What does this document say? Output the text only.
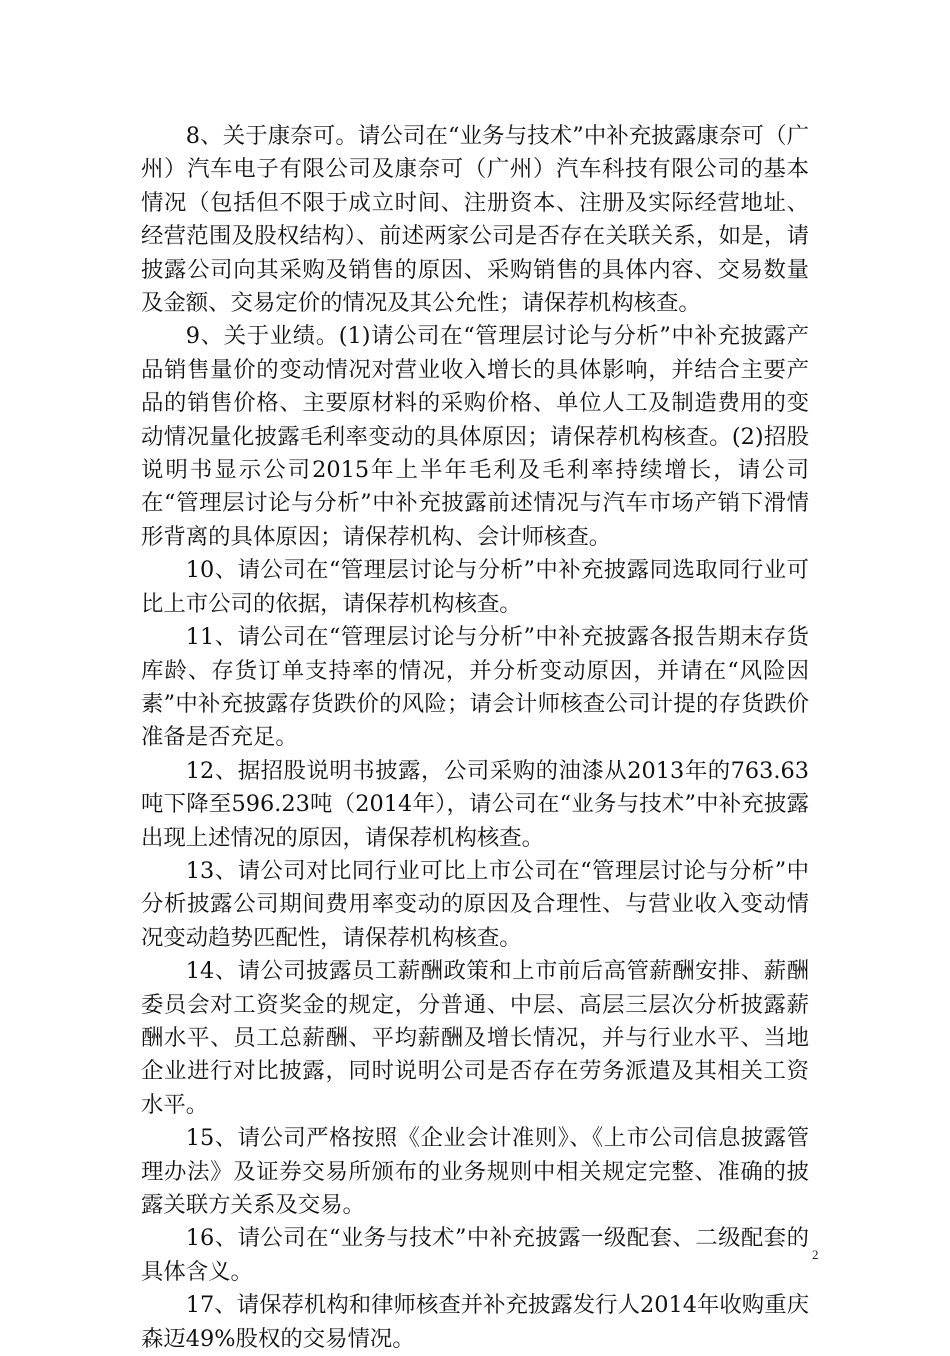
8、关于康奈可。请公司在“业务与技术”中补充披露康奈可（广州）汽车电子有限公司及康奈可（广州）汽车科技有限公司的基本情况（包括但不限于成立时间、注册资本、注册及实际经营地址、经营范围及股权结构）、前述两家公司是否存在关联关系，如是，请披露公司向其采购及销售的原因、采购销售的具体内容、交易数量及金额、交易定价的情况及其公允性；请保荐机构核查。

9、关于业绩。(1)请公司在“管理层讨论与分析”中补充披露产品销售量价的变动情况对营业收入增长的具体影响，并结合主要产品的销售价格、主要原材料的采购价格、单位人工及制造费用的变动情况量化披露毛利率变动的具体原因；请保荐机构核查。(2)招股说明书显示公司2015年上半年毛利及毛利率持续增长，请公司在“管理层讨论与分析”中补充披露前述情况与汽车市场产销下滑情形背离的具体原因；请保荐机构、会计师核查。

10、请公司在“管理层讨论与分析”中补充披露同选取同行业可比上市公司的依据，请保荐机构核查。

11、请公司在“管理层讨论与分析”中补充披露各报告期末存货库龄、存货订单支持率的情况，并分析变动原因，并请在“风险因素”中补充披露存货跌价的风险；请会计师核查公司计提的存货跌价准备是否充足。

12、据招股说明书披露，公司采购的油漆从2013年的763.63吨下降至596.23吨（2014年），请公司在“业务与技术”中补充披露出现上述情况的原因，请保荐机构核查。

13、请公司对比同行业可比上市公司在“管理层讨论与分析”中分析披露公司期间费用率变动的原因及合理性、与营业收入变动情况变动趋势匹配性，请保荐机构核查。

14、请公司披露员工薪酬政策和上市前后高管薪酬安排、薪酬委员会对工资奖金的规定，分普通、中层、高层三层次分析披露薪酬水平、员工总薪酬、平均薪酬及增长情况，并与行业水平、当地企业进行对比披露，同时说明公司是否存在劳务派遣及其相关工资水平。

15、请公司严格按照《企业会计准则》、《上市公司信息披露管理办法》及证券交易所颁布的业务规则中相关规定完整、准确的披露关联方关系及交易。

16、请公司在“业务与技术”中补充披露一级配套、二级配套的具体含义。

17、请保荐机构和律师核查并补充披露发行人2014年收购重庆森迈49%股权的交易情况。

2
